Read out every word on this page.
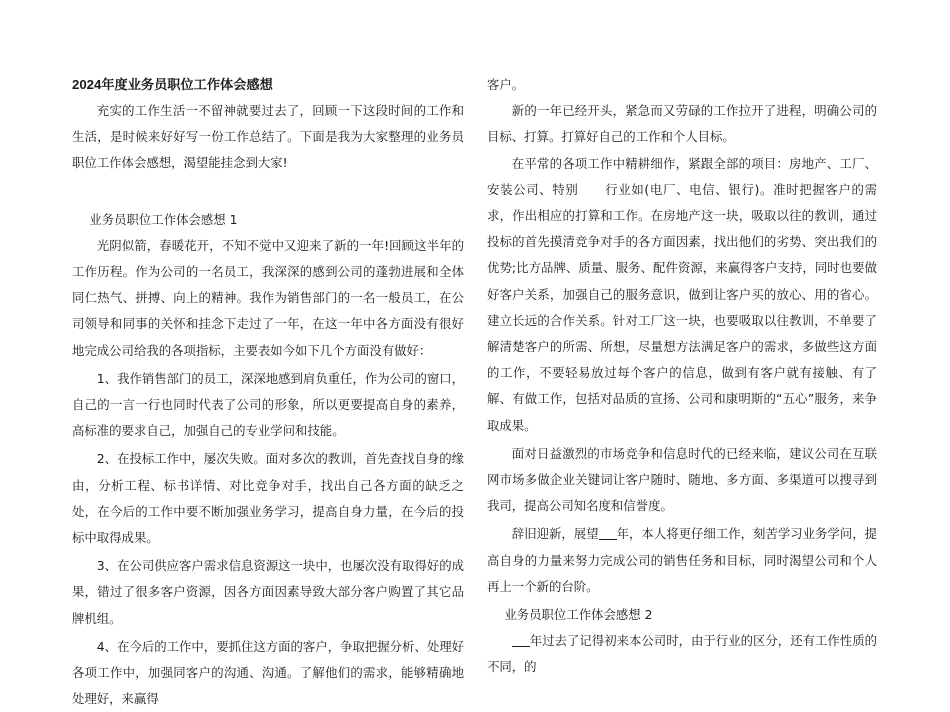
2024年度业务员职位工作体会感想

充实的工作生活一不留神就要过去了，回顾一下这段时间的工作和生活，是时候来好好写一份工作总结了。下面是我为大家整理的业务员职位工作体会感想，渴望能挂念到大家!

业务员职位工作体会感想 1

光阴似箭，春暖花开，不知不觉中又迎来了新的一年!回顾这半年的工作历程。作为公司的一名员工，我深深的感到公司的蓬勃进展和全体同仁热气、拼搏、向上的精神。我作为销售部门的一名一般员工，在公司领导和同事的关怀和挂念下走过了一年，在这一年中各方面没有很好地完成公司给我的各项指标，主要表如今如下几个方面没有做好：

1、我作销售部门的员工，深深地感到肩负重任，作为公司的窗口，自己的一言一行也同时代表了公司的形象，所以更要提高自身的素养，高标准的要求自己，加强自己的专业学问和技能。

2、在投标工作中，屡次失败。面对多次的教训，首先查找自身的缘由，分析工程、标书详情、对比竞争对手，找出自己各方面的缺乏之处，在今后的工作中要不断加强业务学习，提高自身力量，在今后的投标中取得成果。

3、在公司供应客户需求信息资源这一块中，也屡次没有取得好的成果，错过了很多客户资源，因各方面因素导致大部分客户购置了其它品牌机组。

4、在今后的工作中，要抓住这方面的客户，争取把握分析、处理好各项工作中，加强同客户的沟通、沟通。了解他们的需求，能够精确地处理好，来赢得

客户。

新的一年已经开头，紧急而又劳碌的工作拉开了进程，明确公司的目标、打算。打算好自己的工作和个人目标。

在平常的各项工作中精耕细作，紧跟全部的项目：房地产、工厂、安装公司、特别 行业如(电厂、电信、银行)。准时把握客户的需求，作出相应的打算和工作。在房地产这一块，吸取以往的教训，通过投标的首先摸清竞争对手的各方面因素，找出他们的劣势、突出我们的优势;比方品牌、质量、服务、配件资源，来赢得客户支持，同时也要做好客户关系，加强自己的服务意识，做到让客户买的放心、用的省心。建立长远的合作关系。针对工厂这一块，也要吸取以往教训，不单要了解清楚客户的所需、所想，尽量想方法满足客户的需求，多做些这方面的工作，不要轻易放过每个客户的信息，做到有客户就有接触、有了解、有做工作，包括对品质的宣扬、公司和康明斯的“五心”服务，来争取成果。

面对日益激烈的市场竞争和信息时代的已经来临，建议公司在互联网市场多做企业关键词让客户随时、随地、多方面、多渠道可以搜寻到我司，提高公司知名度和信誉度。

辞旧迎新，展望 年，本人将更仔细工作，刻苦学习业务学问，提高自身的力量来努力完成公司的销售任务和目标，同时渴望公司和个人再上一个新的台阶。

业务员职位工作体会感想 2

年过去了记得初来本公司时，由于行业的区分，还有工作性质的不同，的
